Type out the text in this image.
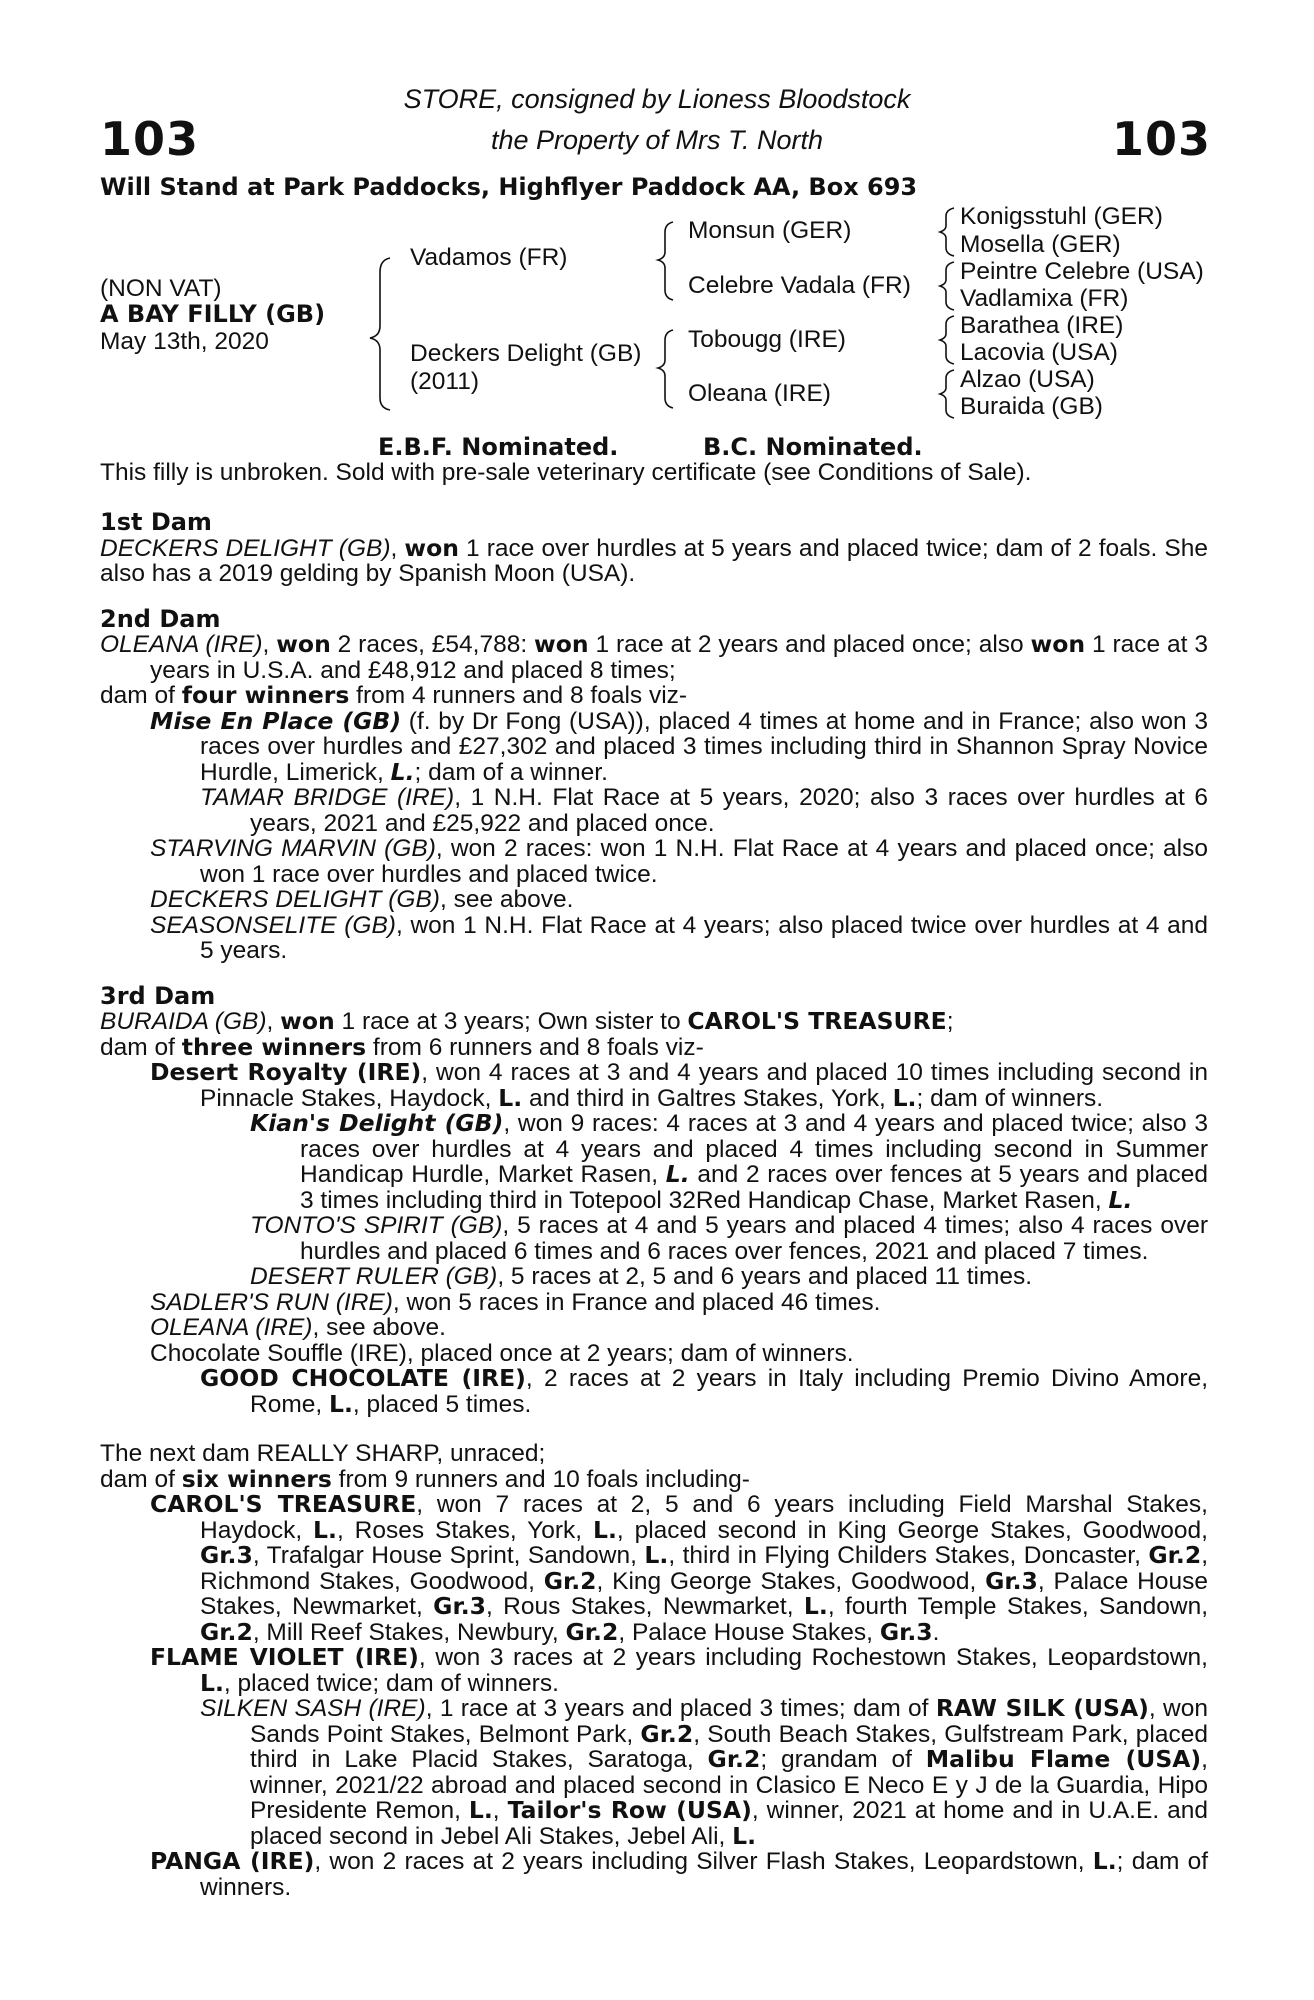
103	103
STORE, consigned by Lioness Bloodstock
the Property of Mrs T. North
Will Stand at Park Paddocks, Highflyer Paddock AA, Box 693
(NON VAT)
A BAY FILLY (GB)
May 13th, 2020
Vadamos (FR)
Deckers Delight (GB)
(2011)
Monsun (GER)
Celebre Vadala (FR)
Tobougg (IRE)
Oleana (IRE)
Konigsstuhl (GER)
Mosella (GER)
Peintre Celebre (USA)
Vadlamixa (FR)
Barathea (IRE)
Lacovia (USA)
Alzao (USA)
Buraida (GB)
E.B.F. Nominated.	B.C. Nominated.
This filly is unbroken. Sold with pre-sale veterinary certificate (see Conditions of Sale).
1st Dam
DECKERS DELIGHT (GB), won 1 race over hurdles at 5 years and placed twice; dam of 2 foals. She also has a 2019 gelding by Spanish Moon (USA).
2nd Dam
OLEANA (IRE), won 2 races, £54,788: won 1 race at 2 years and placed once; also won 1 race at 3 years in U.S.A. and £48,912 and placed 8 times;
dam of four winners from 4 runners and 8 foals viz-
Mise En Place (GB) (f. by Dr Fong (USA)), placed 4 times at home and in France; also won 3 races over hurdles and £27,302 and placed 3 times including third in Shannon Spray Novice Hurdle, Limerick, L.; dam of a winner.
TAMAR BRIDGE (IRE), 1 N.H. Flat Race at 5 years, 2020; also 3 races over hurdles at 6 years, 2021 and £25,922 and placed once.
STARVING MARVIN (GB), won 2 races: won 1 N.H. Flat Race at 4 years and placed once; also won 1 race over hurdles and placed twice.
DECKERS DELIGHT (GB), see above.
SEASONSELITE (GB), won 1 N.H. Flat Race at 4 years; also placed twice over hurdles at 4 and 5 years.
3rd Dam
BURAIDA (GB), won 1 race at 3 years; Own sister to CAROL'S TREASURE;
dam of three winners from 6 runners and 8 foals viz-
Desert Royalty (IRE), won 4 races at 3 and 4 years and placed 10 times including second in Pinnacle Stakes, Haydock, L. and third in Galtres Stakes, York, L.; dam of winners.
Kian's Delight (GB), won 9 races: 4 races at 3 and 4 years and placed twice; also 3 races over hurdles at 4 years and placed 4 times including second in Summer Handicap Hurdle, Market Rasen, L. and 2 races over fences at 5 years and placed 3 times including third in Totepool 32Red Handicap Chase, Market Rasen, L.
TONTO'S SPIRIT (GB), 5 races at 4 and 5 years and placed 4 times; also 4 races over hurdles and placed 6 times and 6 races over fences, 2021 and placed 7 times.
DESERT RULER (GB), 5 races at 2, 5 and 6 years and placed 11 times.
SADLER'S RUN (IRE), won 5 races in France and placed 46 times.
OLEANA (IRE), see above.
Chocolate Souffle (IRE), placed once at 2 years; dam of winners.
GOOD CHOCOLATE (IRE), 2 races at 2 years in Italy including Premio Divino Amore, Rome, L., placed 5 times.
The next dam REALLY SHARP, unraced;
dam of six winners from 9 runners and 10 foals including-
CAROL'S TREASURE, won 7 races at 2, 5 and 6 years including Field Marshal Stakes, Haydock, L., Roses Stakes, York, L., placed second in King George Stakes, Goodwood, Gr.3, Trafalgar House Sprint, Sandown, L., third in Flying Childers Stakes, Doncaster, Gr.2, Richmond Stakes, Goodwood, Gr.2, King George Stakes, Goodwood, Gr.3, Palace House Stakes, Newmarket, Gr.3, Rous Stakes, Newmarket, L., fourth Temple Stakes, Sandown, Gr.2, Mill Reef Stakes, Newbury, Gr.2, Palace House Stakes, Gr.3.
FLAME VIOLET (IRE), won 3 races at 2 years including Rochestown Stakes, Leopardstown, L., placed twice; dam of winners.
SILKEN SASH (IRE), 1 race at 3 years and placed 3 times; dam of RAW SILK (USA), won Sands Point Stakes, Belmont Park, Gr.2, South Beach Stakes, Gulfstream Park, placed third in Lake Placid Stakes, Saratoga, Gr.2; grandam of Malibu Flame (USA), winner, 2021/22 abroad and placed second in Clasico E Neco E y J de la Guardia, Hipo Presidente Remon, L., Tailor's Row (USA), winner, 2021 at home and in U.A.E. and placed second in Jebel Ali Stakes, Jebel Ali, L.
PANGA (IRE), won 2 races at 2 years including Silver Flash Stakes, Leopardstown, L.; dam of winners.
